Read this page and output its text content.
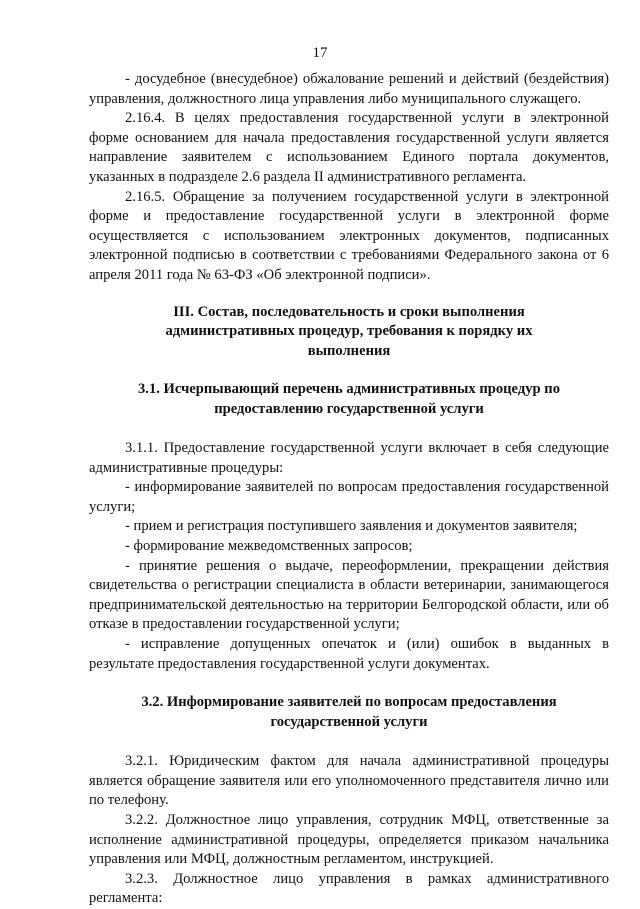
17

- досудебное (внесудебное) обжалование решений и действий (бездействия) управления, должностного лица управления либо муниципального служащего.

2.16.4. В целях предоставления государственной услуги в электронной форме основанием для начала предоставления государственной услуги является направление заявителем с использованием Единого портала документов, указанных в подразделе 2.6 раздела II административного регламента.

2.16.5. Обращение за получением государственной услуги в электронной форме и предоставление государственной услуги в электронной форме осуществляется с использованием электронных документов, подписанных электронной подписью в соответствии с требованиями Федерального закона от 6 апреля 2011 года № 63-ФЗ «Об электронной подписи».

III. Состав, последовательность и сроки выполнения административных процедур, требования к порядку их выполнения

3.1. Исчерпывающий перечень административных процедур по предоставлению государственной услуги

3.1.1. Предоставление государственной услуги включает в себя следующие административные процедуры:

- информирование заявителей по вопросам предоставления государственной услуги;

- прием и регистрация поступившего заявления и документов заявителя;

- формирование межведомственных запросов;

- принятие решения о выдаче, переоформлении, прекращении действия свидетельства о регистрации специалиста в области ветеринарии, занимающегося предпринимательской деятельностью на территории Белгородской области, или об отказе в предоставлении государственной услуги;

- исправление допущенных опечаток и (или) ошибок в выданных в результате предоставления государственной услуги документах.

3.2. Информирование заявителей по вопросам предоставления государственной услуги

3.2.1. Юридическим фактом для начала административной процедуры является обращение заявителя или его уполномоченного представителя лично или по телефону.

3.2.2. Должностное лицо управления, сотрудник МФЦ, ответственные за исполнение административной процедуры, определяется приказом начальника управления или МФЦ, должностным регламентом, инструкцией.

3.2.3. Должностное лицо управления в рамках административного регламента:
